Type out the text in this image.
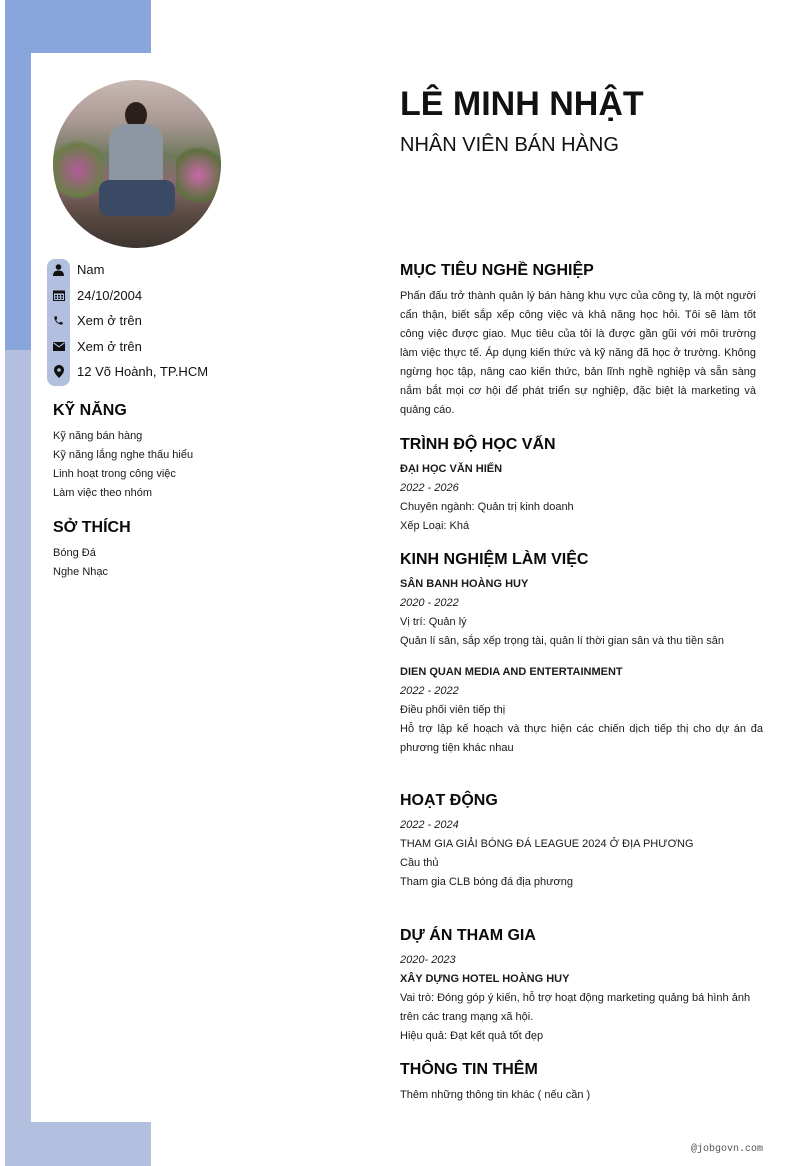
Nam
24/10/2004
Xem ở trên
Xem ở trên
12 Võ Hoành, TP.HCM
KỸ NĂNG
Kỹ năng bán hàng
Kỹ năng lắng nghe thấu hiểu
Linh hoạt trong công việc
Làm việc theo nhóm
SỞ THÍCH
Bóng Đá
Nghe Nhạc
LÊ MINH NHẬT
NHÂN VIÊN BÁN HÀNG
MỤC TIÊU NGHỀ NGHIỆP
Phấn đấu trở thành quản lý bán hàng khu vực của công ty, là một người cẩn thận, biết sắp xếp công việc và khả năng học hỏi. Tôi sẽ làm tốt công việc được giao. Mục tiêu của tôi là được gần gũi với môi trường làm việc thực tế. Áp dụng kiến thức và kỹ năng đã học ở trường. Không ngừng học tập, nâng cao kiến thức, bản lĩnh nghề nghiệp và sẵn sàng nắm bắt mọi cơ hội để phát triển sự nghiệp, đặc biệt là marketing và quảng cáo.
TRÌNH ĐỘ HỌC VẤN
ĐẠI HỌC VĂN HIẾN
2022 - 2026
Chuyên ngành: Quản trị kinh doanh
Xếp Loại: Khá
KINH NGHIỆM LÀM VIỆC
SÂN BANH HOÀNG HUY
2020 - 2022
Vị trí: Quản lý
Quản lí sân, sắp xếp trọng tài, quản lí thời gian sân và thu tiền sân
DIEN QUAN MEDIA AND ENTERTAINMENT
2022 - 2022
Điều phối viên tiếp thị
Hỗ trợ lập kế hoạch và thực hiện các chiến dịch tiếp thị cho dự án đa phương tiện khác nhau
HOẠT ĐỘNG
2022 - 2024
THAM GIA GIẢI BÓNG ĐÁ LEAGUE 2024 Ở ĐỊA PHƯƠNG
Cầu thủ
Tham gia CLB bóng đá địa phương
DỰ ÁN THAM GIA
2020- 2023
XÂY DỰNG HOTEL HOÀNG HUY
Vai trò: Đóng góp ý kiến, hỗ trợ hoạt động marketing quảng bá hình ảnh trên các trang mạng xã hội.
Hiệu quả: Đạt kết quả tốt đẹp
THÔNG TIN THÊM
Thêm những thông tin khác ( nếu cần )
@jobgovn.com
